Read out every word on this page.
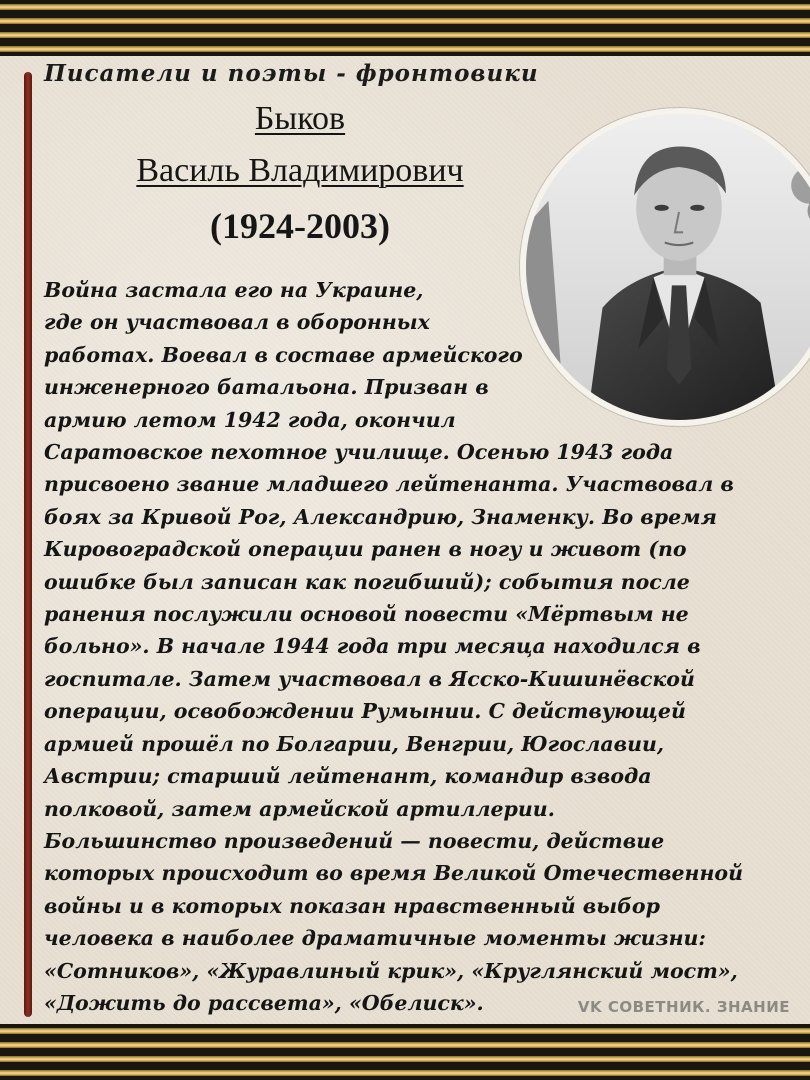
Писатели и поэты - фронтовики
Быков
Василь Владимирович
(1924-2003)
Война застала его на Украине,
где он участвовал в оборонных
работах. Воевал в составе армейского
инженерного батальона. Призван в
армию летом 1942 года, окончил
Саратовское пехотное училище. Осенью 1943 года
присвоено звание младшего лейтенанта. Участвовал в
боях за Кривой Рог, Александрию, Знаменку. Во время
Кировоградской операции ранен в ногу и живот (по
ошибке был записан как погибший); события после
ранения послужили основой повести «Мёртвым не
больно». В начале 1944 года три месяца находился в
госпитале. Затем участвовал в Ясско-Кишинёвской
операции, освобождении Румынии. С действующей
армией прошёл по Болгарии, Венгрии, Югославии,
Австрии; старший лейтенант, командир взвода
полковой, затем армейской артиллерии.
Большинство произведений — повести, действие
которых происходит во время Великой Отечественной
войны и в которых показан нравственный выбор
человека в наиболее драматичные моменты жизни:
«Сотников», «Журавлиный крик», «Круглянский мост»,
«Дожить до рассвета», «Обелиск».	VK СОВЕТНИК. ЗНАНИЕ
